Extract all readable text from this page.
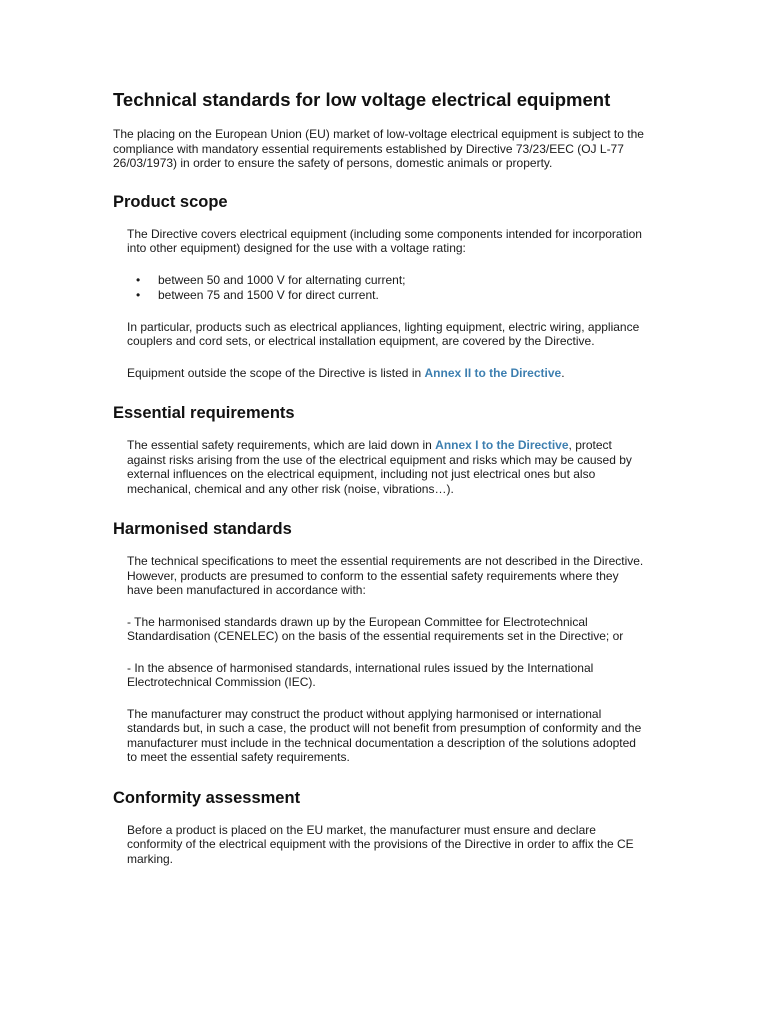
Technical standards for low voltage electrical equipment

The placing on the European Union (EU) market of low-voltage electrical equipment is subject to the compliance with mandatory essential requirements established by Directive 73/23/EEC (OJ L-77 26/03/1973) in order to ensure the safety of persons, domestic animals or property.

Product scope

The Directive covers electrical equipment (including some components intended for incorporation into other equipment) designed for the use with a voltage rating:

• between 50 and 1000 V for alternating current;
• between 75 and 1500 V for direct current.

In particular, products such as electrical appliances, lighting equipment, electric wiring, appliance couplers and cord sets, or electrical installation equipment, are covered by the Directive.

Equipment outside the scope of the Directive is listed in Annex II to the Directive.

Essential requirements

The essential safety requirements, which are laid down in Annex I to the Directive, protect against risks arising from the use of the electrical equipment and risks which may be caused by external influences on the electrical equipment, including not just electrical ones but also mechanical, chemical and any other risk (noise, vibrations…).

Harmonised standards

The technical specifications to meet the essential requirements are not described in the Directive. However, products are presumed to conform to the essential safety requirements where they have been manufactured in accordance with:

- The harmonised standards drawn up by the European Committee for Electrotechnical Standardisation (CENELEC) on the basis of the essential requirements set in the Directive; or

- In the absence of harmonised standards, international rules issued by the International Electrotechnical Commission (IEC).

The manufacturer may construct the product without applying harmonised or international standards but, in such a case, the product will not benefit from presumption of conformity and the manufacturer must include in the technical documentation a description of the solutions adopted to meet the essential safety requirements.

Conformity assessment

Before a product is placed on the EU market, the manufacturer must ensure and declare conformity of the electrical equipment with the provisions of the Directive in order to affix the CE marking.
